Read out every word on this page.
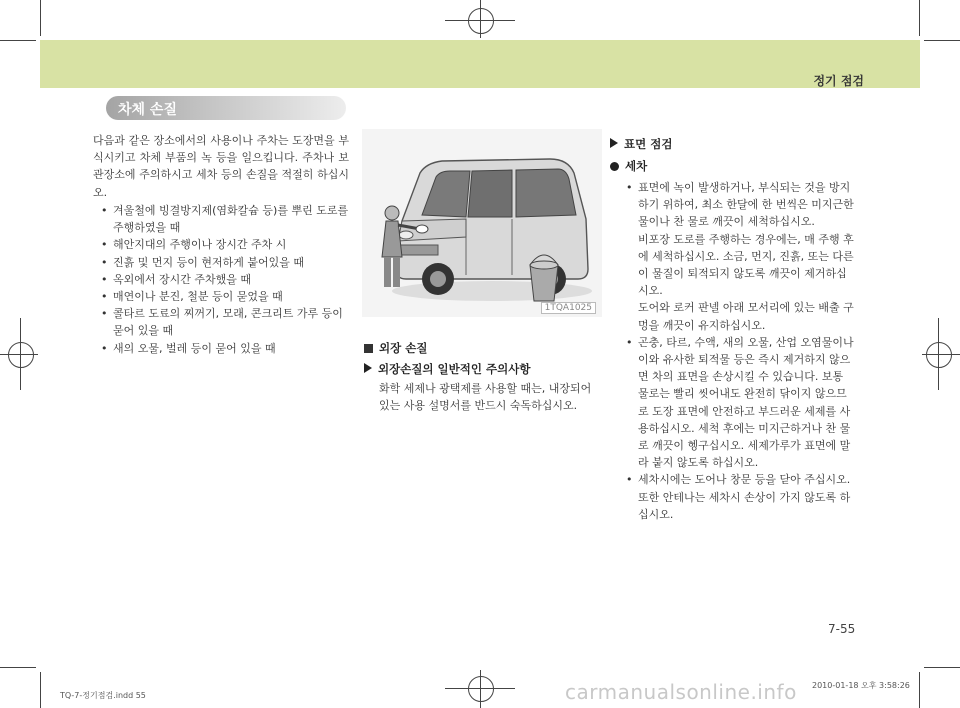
정기 점검
차체 손질
다음과 같은 장소에서의 사용이나 주차는 도장면을 부식시키고 차체 부품의 녹 등을 일으킵니다. 주차나 보관장소에 주의하시고 세차 등의 손질을 적절히 하십시오.
• 겨울철에 빙결방지제(염화칼슘 등)를 뿌린 도로를 주행하였을 때
• 해안지대의 주행이나 장시간 주차 시
• 진흙 및 먼지 등이 현저하게 붙어있을 때
• 옥외에서 장시간 주차했을 때
• 매연이나 분진, 철분 등이 묻었을 때
• 콜타르 도료의 찌꺼기, 모래, 콘크리트 가루 등이 묻어 있을 때
• 새의 오물, 벌레 등이 묻어 있을 때
1TQA1025
외장 손질
외장손질의 일반적인 주의사항
화학 세제나 광택제를 사용할 때는, 내장되어 있는 사용 설명서를 반드시 숙독하십시오.
표면 점검
세차
• 표면에 녹이 발생하거나, 부식되는 것을 방지하기 위하여, 최소 한달에 한 번씩은 미지근한 물이나 찬 물로 깨끗이 세척하십시오.
비포장 도로를 주행하는 경우에는, 매 주행 후에 세척하십시오. 소금, 먼지, 진흙, 또는 다른 이 물질이 퇴적되지 않도록 깨끗이 제거하십시오.
도어와 로커 판넬 아래 모서리에 있는 배출 구멍을 깨끗이 유지하십시오.
• 곤충, 타르, 수액, 새의 오물, 산업 오염물이나 이와 유사한 퇴적물 등은 즉시 제거하지 않으면 차의 표면을 손상시킬 수 있습니다. 보통 물로는 빨리 씻어내도 완전히 닦이지 않으므로 도장 표면에 안전하고 부드러운 세제를 사용하십시오. 세척 후에는 미지근하거나 찬 물로 깨끗이 헹구십시오. 세제가루가 표면에 말라 붙지 않도록 하십시오.
• 세차시에는 도어나 창문 등을 닫아 주십시오. 또한 안테나는 세차시 손상이 가지 않도록 하십시오.
7-55
TQ-7-정기점검.indd 55
2010-01-18 오후 3:58:26
carmanualsonline.info
